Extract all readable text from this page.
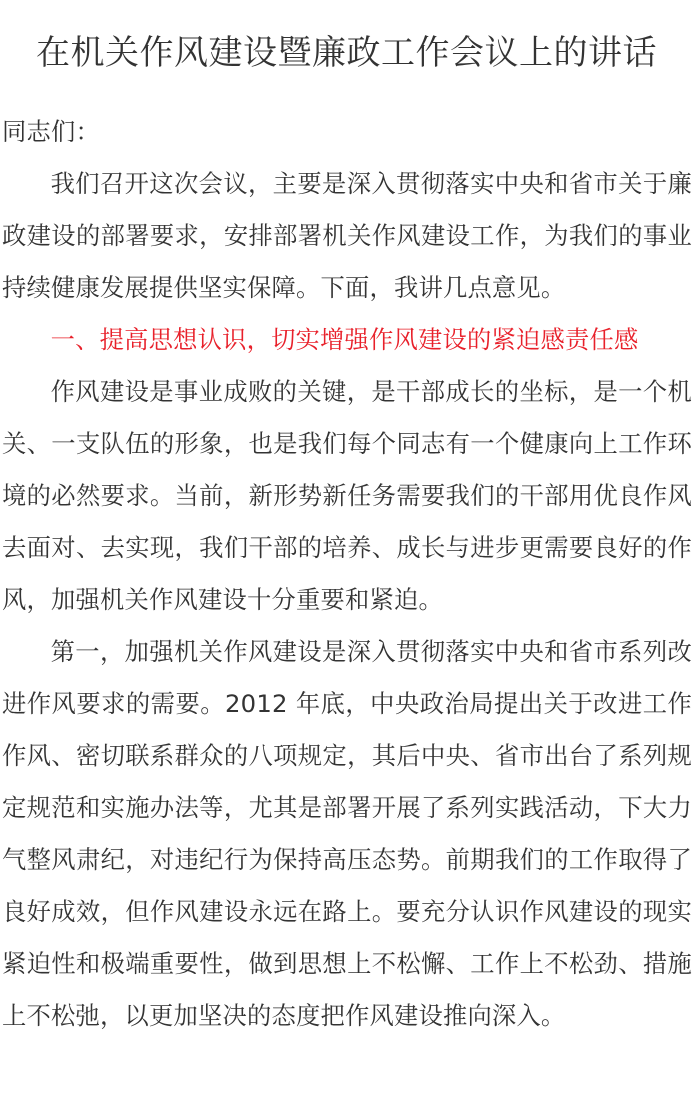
在机关作风建设暨廉政工作会议上的讲话

同志们：

我们召开这次会议，主要是深入贯彻落实中央和省市关于廉政建设的部署要求，安排部署机关作风建设工作，为我们的事业持续健康发展提供坚实保障。下面，我讲几点意见。

一、提高思想认识，切实增强作风建设的紧迫感责任感

作风建设是事业成败的关键，是干部成长的坐标，是一个机关、一支队伍的形象，也是我们每个同志有一个健康向上工作环境的必然要求。当前，新形势新任务需要我们的干部用优良作风去面对、去实现，我们干部的培养、成长与进步更需要良好的作风，加强机关作风建设十分重要和紧迫。

第一，加强机关作风建设是深入贯彻落实中央和省市系列改进作风要求的需要。2012 年底，中央政治局提出关于改进工作作风、密切联系群众的八项规定，其后中央、省市出台了系列规定规范和实施办法等，尤其是部署开展了系列实践活动，下大力气整风肃纪，对违纪行为保持高压态势。前期我们的工作取得了良好成效，但作风建设永远在路上。要充分认识作风建设的现实紧迫性和极端重要性，做到思想上不松懈、工作上不松劲、措施上不松弛，以更加坚决的态度把作风建设推向深入。
